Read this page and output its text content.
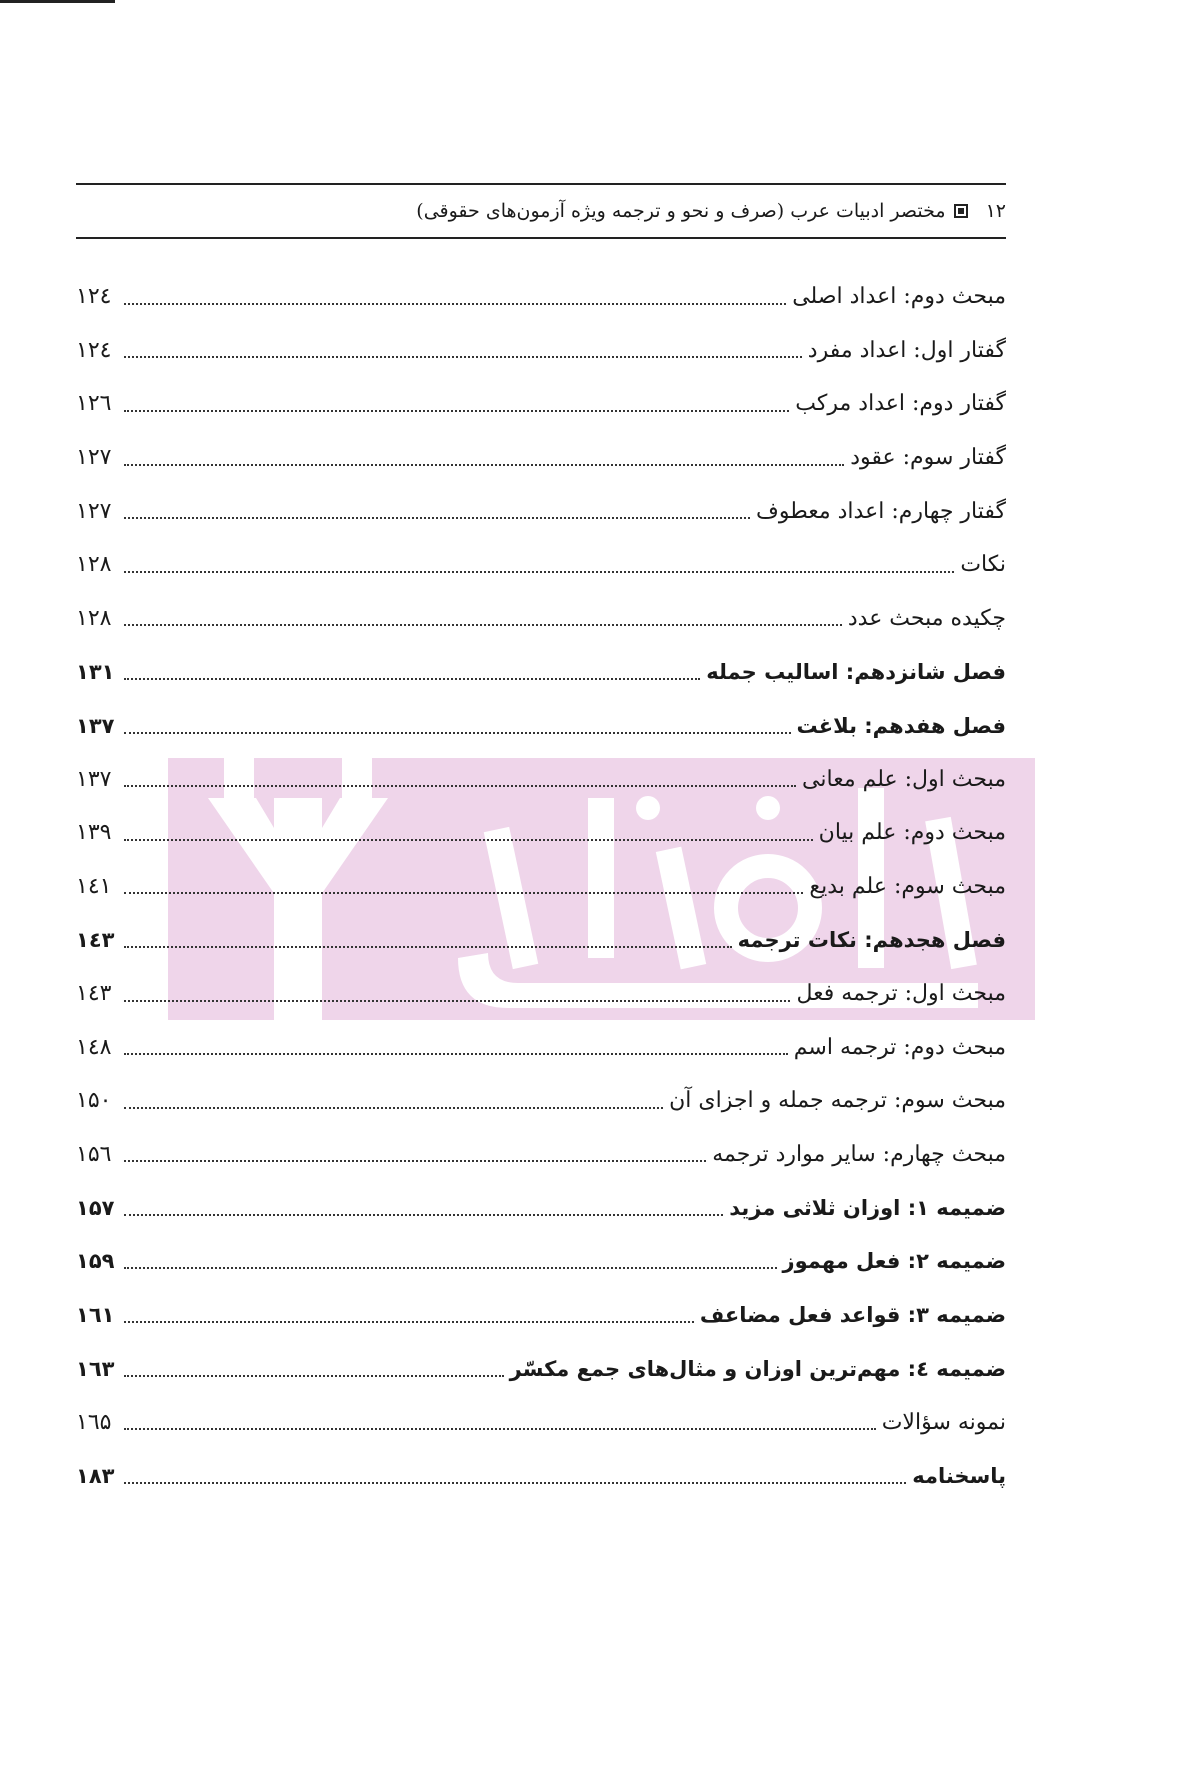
۱۲
مختصر ادبیات عرب (صرف و نحو و ترجمه ویژه آزمون‌های حقوقی)
مبحث دوم: اعداد اصلی
۱۲٤
گفتار اول: اعداد مفرد
۱۲٤
گفتار دوم: اعداد مرکب
۱۲٦
گفتار سوم: عقود
۱۲۷
گفتار چهارم: اعداد معطوف
۱۲۷
نکات
۱۲۸
چکیده مبحث عدد
۱۲۸
فصل شانزدهم: اسالیب جمله
۱۳۱
فصل هفدهم: بلاغت
۱۳۷
مبحث اول: علم معانی
۱۳۷
مبحث دوم: علم بیان
۱۳۹
مبحث سوم: علم بدیع
۱٤۱
فصل هجدهم: نکات ترجمه
۱٤۳
مبحث اول: ترجمه فعل
۱٤۳
مبحث دوم: ترجمه اسم
۱٤۸
مبحث سوم: ترجمه جمله و اجزای آن
۱۵۰
مبحث چهارم: سایر موارد ترجمه
۱۵٦
ضمیمه ۱: اوزان ثلاثی مزید
۱۵۷
ضمیمه ۲: فعل مهموز
۱۵۹
ضمیمه ۳: قواعد فعل مضاعف
۱٦۱
ضمیمه ٤: مهم‌ترین اوزان و مثال‌های جمع مکسّر
۱٦۳
نمونه سؤالات
۱٦۵
پاسخنامه
۱۸۳
